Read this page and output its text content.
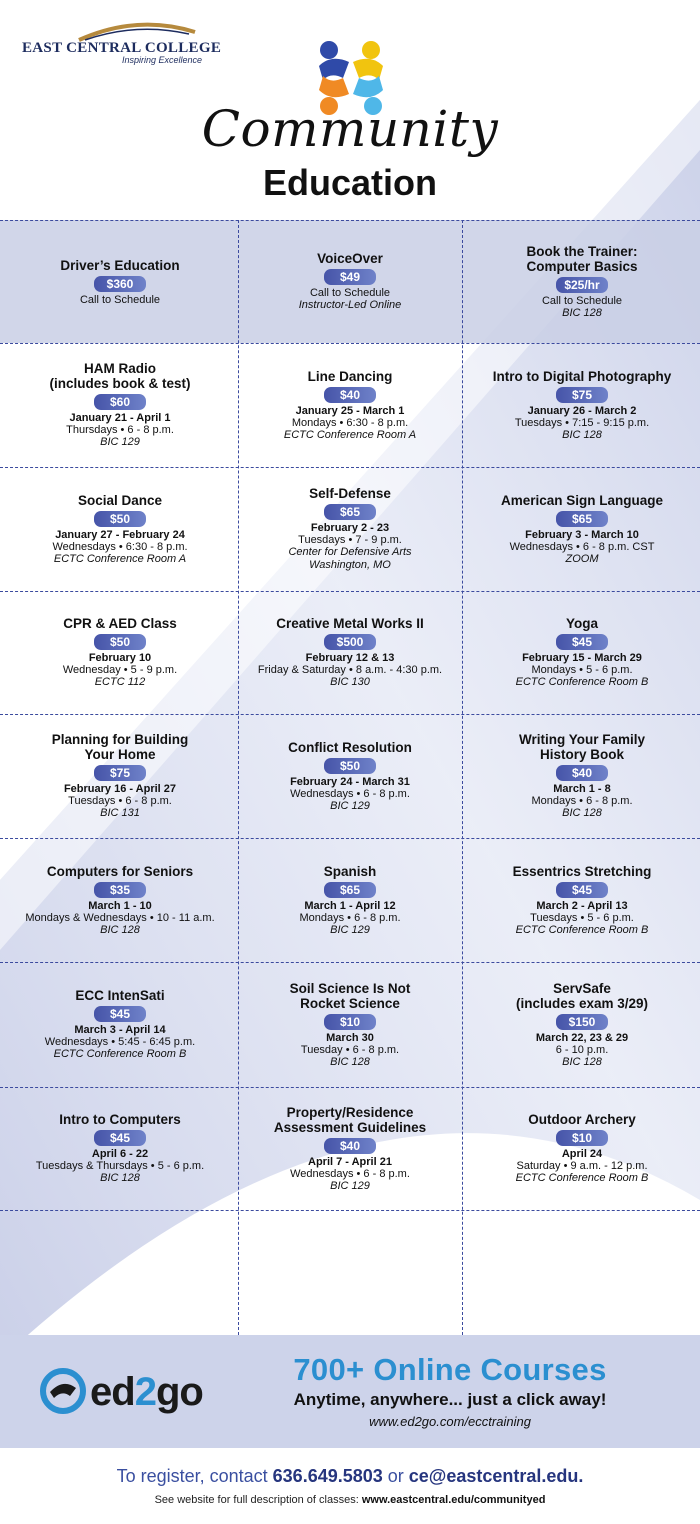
EAST CENTRAL COLLEGE
Inspiring Excellence
Community
Education
Driver’s Education
$360
Call to Schedule
VoiceOver
$49
Call to Schedule
Instructor-Led Online
Book the Trainer:
Computer Basics
$25/hr
Call to Schedule
BIC 128
HAM Radio
(includes book & test)
$60
January 21 - April 1
Thursdays • 6 - 8 p.m.
BIC 129
Line Dancing
$40
January 25 - March 1
Mondays • 6:30 - 8 p.m.
ECTC Conference Room A
Intro to Digital Photography
$75
January 26 - March 2
Tuesdays • 7:15 - 9:15 p.m.
BIC 128
Social Dance
$50
January 27 - February 24
Wednesdays • 6:30 - 8 p.m.
ECTC Conference Room A
Self-Defense
$65
February 2 - 23
Tuesdays • 7 - 9 p.m.
Center for Defensive Arts
Washington, MO
American Sign Language
$65
February 3 - March 10
Wednesdays • 6 - 8 p.m. CST
ZOOM
CPR & AED Class
$50
February 10
Wednesday • 5 - 9 p.m.
ECTC 112
Creative Metal Works II
$500
February 12 & 13
Friday & Saturday • 8 a.m. - 4:30 p.m.
BIC 130
Yoga
$45
February 15 - March 29
Mondays • 5 - 6 p.m.
ECTC Conference Room B
Planning for Building
Your Home
$75
February 16 - April 27
Tuesdays • 6 - 8 p.m.
BIC 131
Conflict Resolution
$50
February 24 - March 31
Wednesdays • 6 - 8 p.m.
BIC 129
Writing Your Family
History Book
$40
March 1 - 8
Mondays • 6 - 8 p.m.
BIC 128
Computers for Seniors
$35
March 1 - 10
Mondays & Wednesdays • 10 - 11 a.m.
BIC 128
Spanish
$65
March 1 - April 12
Mondays • 6 - 8 p.m.
BIC 129
Essentrics Stretching
$45
March 2 - April 13
Tuesdays • 5 - 6 p.m.
ECTC Conference Room B
ECC IntenSati
$45
March 3 - April 14
Wednesdays • 5:45 - 6:45 p.m.
ECTC Conference Room B
Soil Science Is Not
Rocket Science
$10
March 30
Tuesday • 6 - 8 p.m.
BIC 128
ServSafe
(includes exam 3/29)
$150
March 22, 23 & 29
6 - 10 p.m.
BIC 128
Intro to Computers
$45
April 6 - 22
Tuesdays & Thursdays • 5 - 6 p.m.
BIC 128
Property/Residence
Assessment Guidelines
$40
April 7 - April 21
Wednesdays • 6 - 8 p.m.
BIC 129
Outdoor Archery
$10
April 24
Saturday • 9 a.m. - 12 p.m.
ECTC Conference Room B
ed2go
700+ Online Courses
Anytime, anywhere... just a click away!
www.ed2go.com/ecctraining
To register, contact 636.649.5803 or ce@eastcentral.edu.
See website for full description of classes: www.eastcentral.edu/communityed
